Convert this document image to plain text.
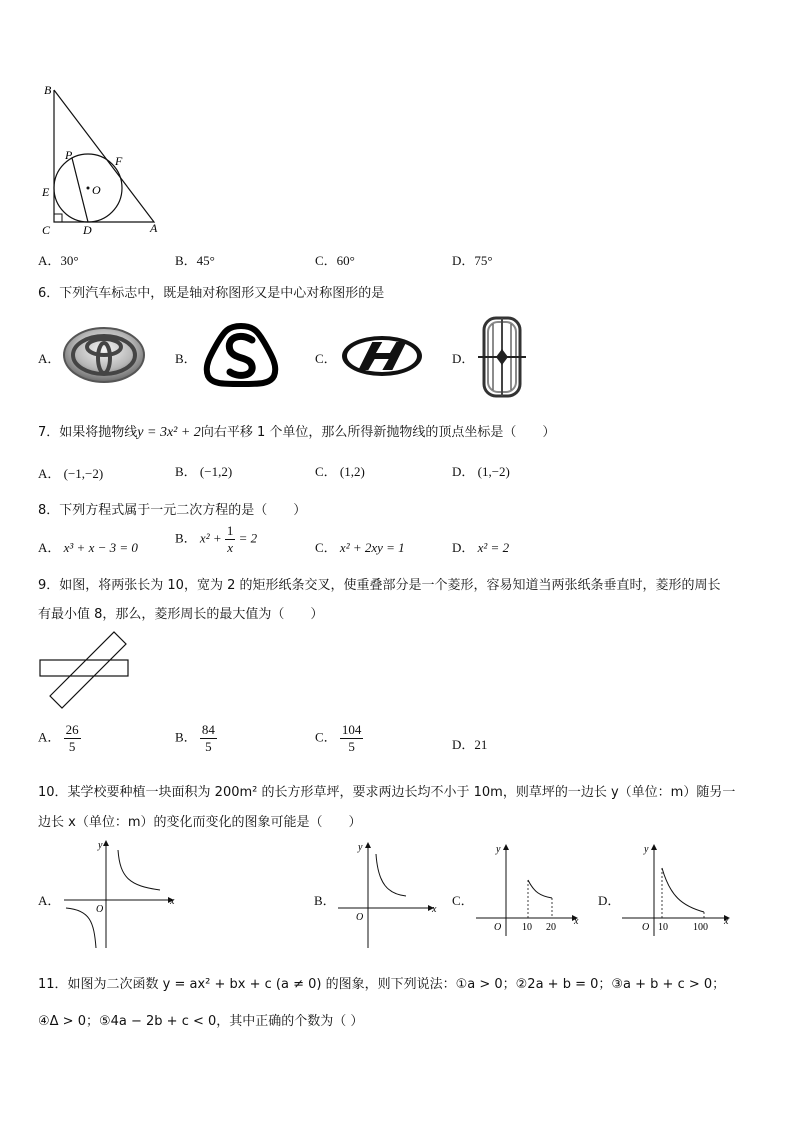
B
P	F
E	O
C	D	A
A．30°	B．45°	C．60°	D．75°
6．下列汽车标志中，既是轴对称图形又是中心对称图形的是
A．	B．	C．	D．
7．如果将抛物线y = 3x² + 2向右平移 1 个单位，那么所得新抛物线的顶点坐标是（　　）
A． (−1,−2)	B． (−1,2)	C． (1,2)	D． (1,−2)
8．下列方程式属于一元二次方程的是（　　）
A． x³ + x − 3 = 0
B． $x^2 + \frac{1}{x} = 2$
C． x² + 2xy = 1	D． x² = 2
9．如图，将两张长为 10，宽为 2 的矩形纸条交叉，使重叠部分是一个菱形，容易知道当两张纸条垂直时，菱形的周长
有最小值 8，那么，菱形周长的最大值为（　　）
A． $\frac{26}{5}$	B． $\frac{84}{5}$	C． $\frac{104}{5}$	D．21
10．某学校要种植一块面积为 200m² 的长方形草坪，要求两边长均不小于 10m，则草坪的一边长 y（单位：m）随另一
边长 x（单位：m）的变化而变化的图象可能是（　　）
A．	x
y
O
B．
x
y
O
C．
x
y
O 10 20
D．
x
y
O 10	100
11．如图为二次函数 y = ax² + bx + c (a ≠ 0) 的图象，则下列说法：①a > 0；②2a + b = 0；③a + b + c > 0；
④Δ > 0；⑤4a − 2b + c < 0，其中正确的个数为（ ）
